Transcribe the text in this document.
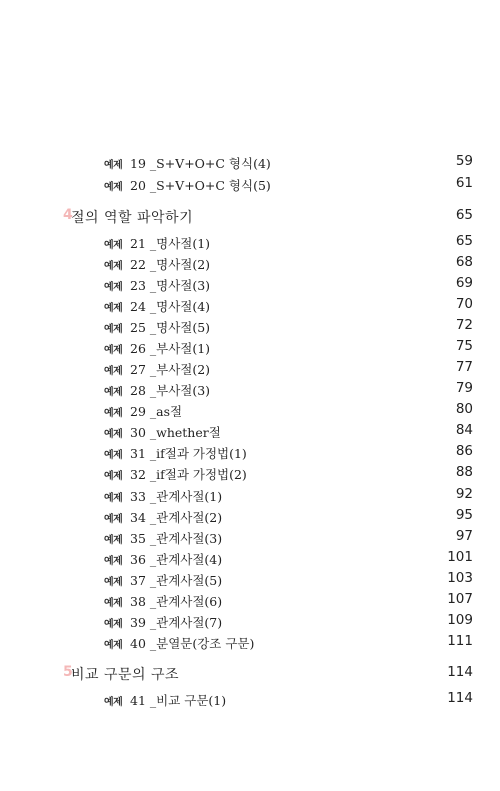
예제 19 _S+V+O+C 형식(4)	59
예제 20 _S+V+O+C 형식(5)	61
4
절의 역할 파악하기	65
예제 21 _명사절(1)	65
예제 22 _명사절(2)	68
예제 23 _명사절(3)	69
예제 24 _명사절(4)	70
예제 25 _명사절(5)	72
예제 26 _부사절(1)	75
예제 27 _부사절(2)	77
예제 28 _부사절(3)	79
예제 29 _as절	80
예제 30 _whether절	84
예제 31 _if절과 가정법(1)	86
예제 32 _if절과 가정법(2)	88
예제 33 _관계사절(1)	92
예제 34 _관계사절(2)	95
예제 35 _관계사절(3)	97
예제 36 _관계사절(4)	101
예제 37 _관계사절(5)	103
예제 38 _관계사절(6)	107
예제 39 _관계사절(7)	109
예제 40 _분열문(강조 구문)	111
5
비교 구문의 구조	114
예제 41 _비교 구문(1)	114
